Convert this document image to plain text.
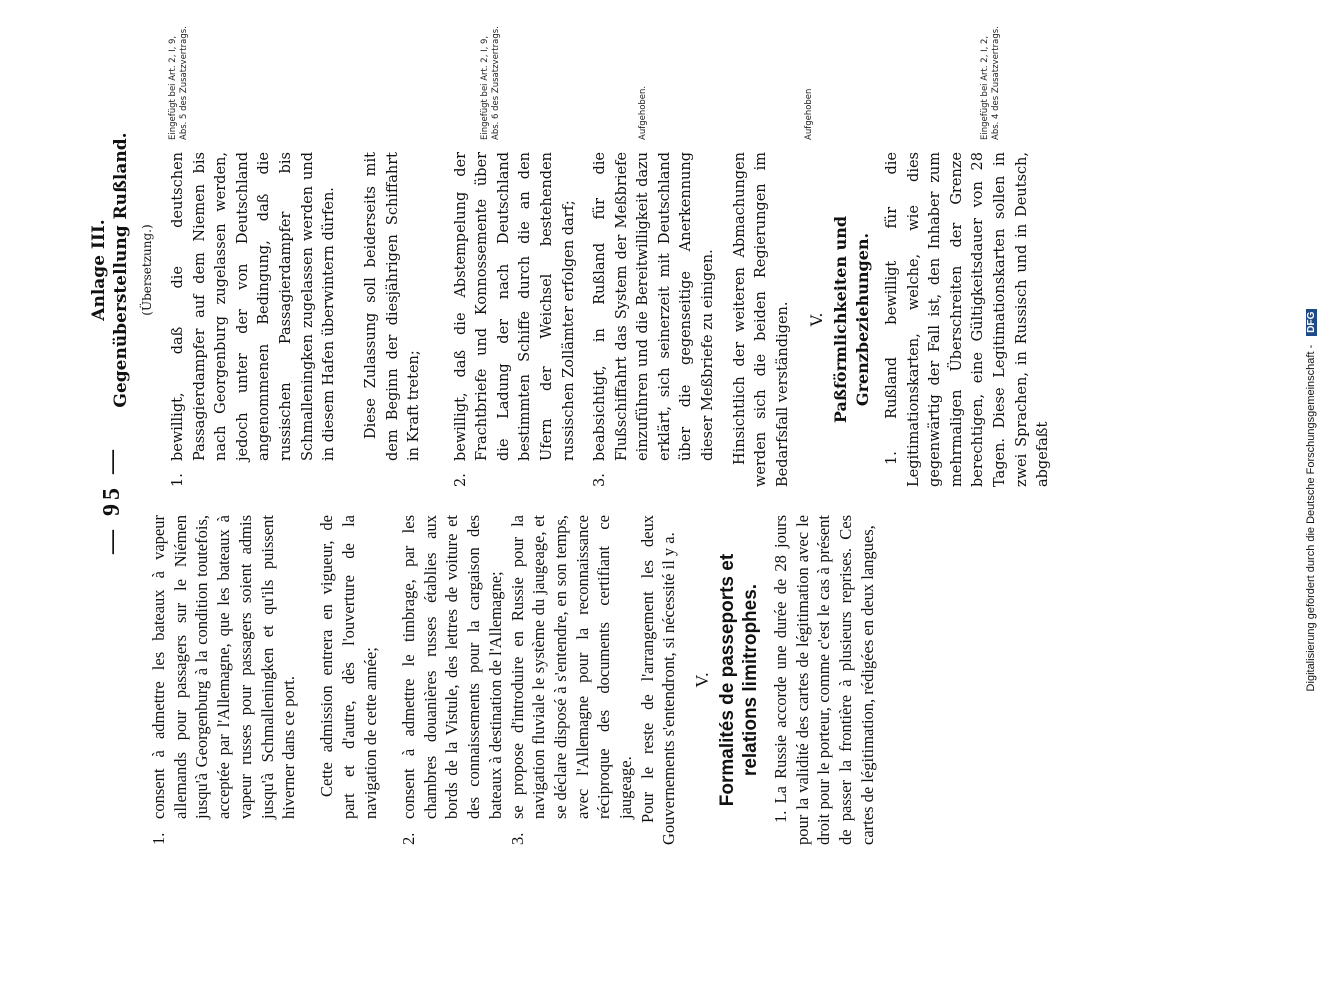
— 95 —
Anlage III. Gegenüberstellung Rußland. (Übersetzung.)
1.

consent à admettre les bateaux à vapeur allemands pour passagers sur le Niémen jusqu'à Georgenburg à la condition toutefois, acceptée par l'Allemagne, que les bateaux à vapeur russes pour passagers soient admis jusqu'à Schmalleningken et qu'ils puissent hiverner dans ce port. Cette admission entrera en vigueur, de part et d'autre, dès l'ouverture de la navigation de cette année;

2.

consent à admettre le timbrage, par les chambres douanières russes établies aux bords de la Vistule, des lettres de voiture et des connaissements pour la cargaison des bateaux à destination de l'Allemagne;

3.

se propose d'introduire en Russie pour la navigation fluviale le système du jaugeage, et se déclare disposé à s'entendre, en son temps, avec l'Allemagne pour la reconnaissance réciproque des documents certifiant ce jaugeage. Pour le reste de l'arrangement les deux Gouvernements s'entendront, si nécessité il y a. V. Formalités de passeports et relations limitrophes. 1. La Russie accorde une durée de 28 jours pour la validité des cartes de légitimation avec le droit pour le porteur, comme c'est le cas à présent de passer la frontière à plusieurs reprises. Ces cartes de légitimation, rédigées en deux langues,

1.

bewilligt, daß die deutschen Passagierdampfer auf dem Niemen bis nach Georgenburg zugelassen werden, jedoch unter der von Deutschland angenommenen Bedingung, daß die russischen Passagierdampfer bis Schmalleningken zugelassen werden und in diesem Hafen überwintern dürfen. Diese Zulassung soll beiderseits mit dem Beginn der diesjährigen Schiffahrt in Kraft treten;

2.

bewilligt, daß die Abstempelung der Frachtbriefe und Konnossemente über die Ladung der nach Deutschland bestimmten Schiffe durch die an den Ufern der Weichsel bestehenden russischen Zollämter erfolgen darf;

3.

beabsichtigt, in Rußland für die Flußschiffahrt das System der Meßbriefe einzuführen und die Bereitwilligkeit dazu erklärt, sich seinerzeit mit Deutschland über die gegenseitige Anerkennung dieser Meßbriefe zu einigen. Hinsichtlich der weiteren Abmachungen werden sich die beiden Regierungen im Bedarfsfall verständigen. V. Paßförmlichkeiten und Grenzbeziehungen. 1. Rußland bewilligt für die Legitimationskarten, welche, wie dies gegenwärtig der Fall ist, den Inhaber zum mehrmaligen Überschreiten der Grenze berechtigen, eine Gültigkeitsdauer von 28 Tagen. Diese Legitimationskarten sollen in zwei Sprachen, in Russisch und in Deutsch, abgefaßt

Eingefügt bei Art. 2, I, 9, Abs. 5 des Zusatzvertrags.	Eingefügt bei Art. 2, I, 9, Abs. 6 des Zusatzvertrags.	Aufgehoben.	Aufgehoben	Eingefügt bei Art. 2, I, 2, Abs. 4 des Zusatzvertrags.
Digitalisierung gefördert durch die Deutsche Forschungsgemeinschaft - DFG
